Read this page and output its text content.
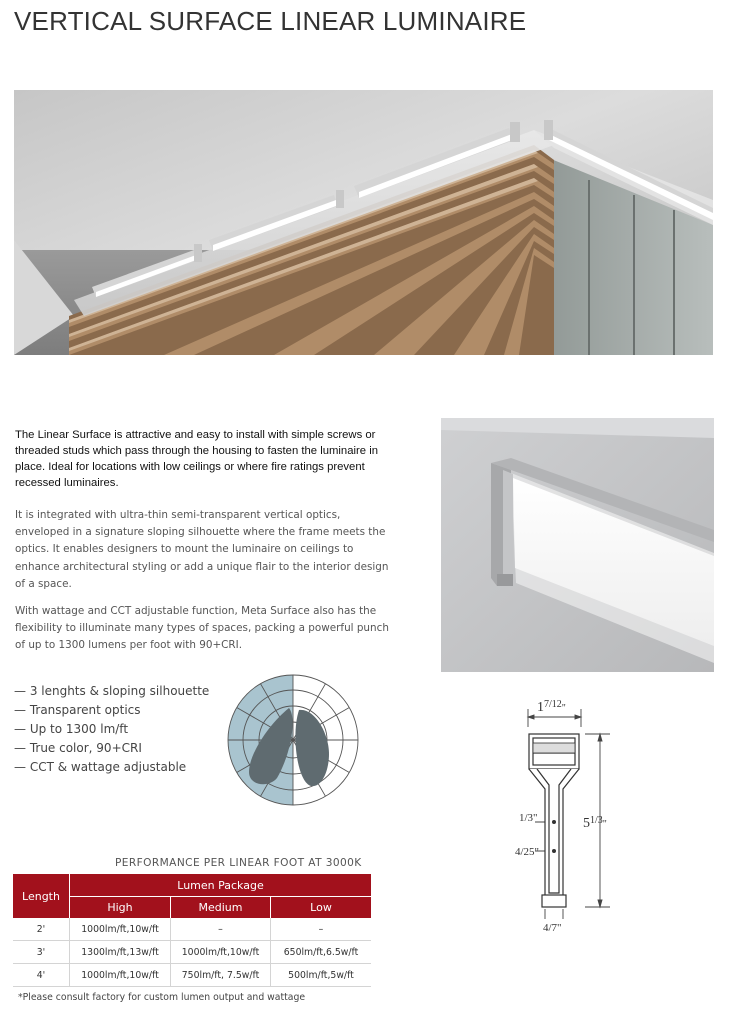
VERTICAL SURFACE LINEAR LUMINAIRE

The Linear Surface is attractive and easy to install with simple screws or threaded studs which pass through the housing to fasten the luminaire in place. Ideal for locations with low ceilings or where fire ratings prevent recessed luminaires.

It is integrated with ultra-thin semi-transparent vertical optics, enveloped in a signature sloping silhouette where the frame meets the optics. It enables designers to mount the luminaire on ceilings to enhance architectural styling or add a unique flair to the interior design of a space.

With wattage and CCT adjustable function, Meta Surface also has the flexibility to illuminate many types of spaces, packing a powerful punch of up to 1300 lumens per foot with 90+CRI.

— 3 lenghts & sloping silhouette
— Transparent optics
— Up to 1300 lm/ft
— True color, 90+CRI
— CCT & wattage adjustable
$1^{7/12}_"$
$5^{1/3}_"$
1/3"
4/25"
4/7"
PERFORMANCE PER LINEAR FOOT AT 3000K
Length	Lumen Package		
	High	Medium	Low
2'	1000lm/ft,10w/ft	–	–
3'	1300lm/ft,13w/ft	1000lm/ft,10w/ft	650lm/ft,6.5w/ft
4'	1000lm/ft,10w/ft	750lm/ft, 7.5w/ft	500lm/ft,5w/ft

*Please consult factory for custom lumen output and wattage
